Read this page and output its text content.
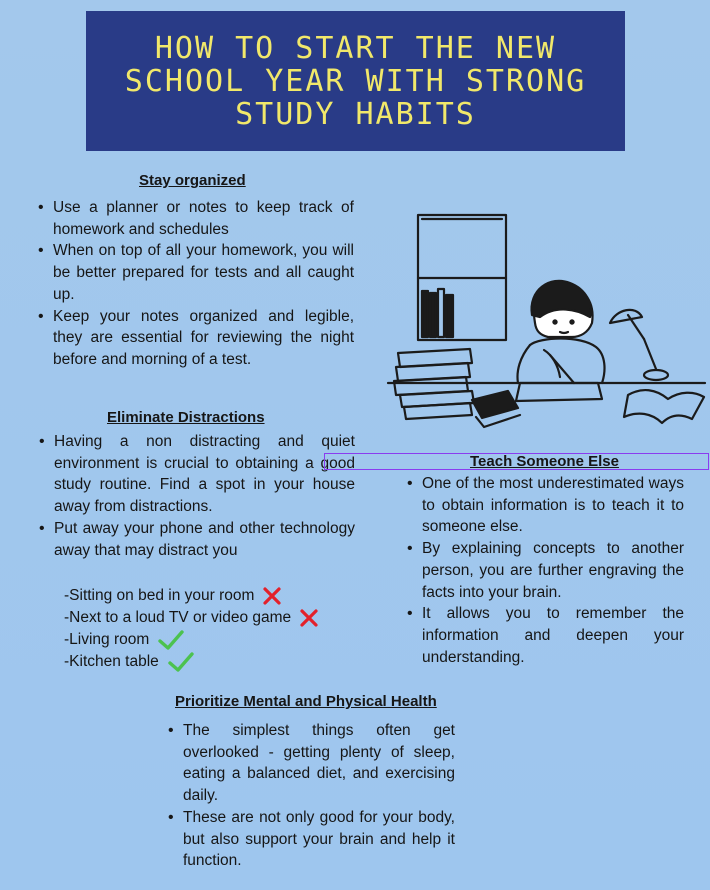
HOW TO START THE NEW
SCHOOL YEAR WITH STRONG
STUDY HABITS
Stay organized
• Use a planner or notes to keep track of homework and schedules
• When on top of all your homework, you will be better prepared for tests and all caught up.
• Keep your notes organized and legible, they are essential for reviewing the night before and morning of a test.
Eliminate Distractions
• Having a non distracting and quiet environment is crucial to obtaining a good study routine. Find a spot in your house away from distractions.
• Put away your phone and other technology away that may distract you
-Sitting on bed in your room
-Next to a loud TV or video game
-Living room
-Kitchen table
Teach Someone Else
• One of the most underestimated ways to obtain information is to teach it to someone else.
• By explaining concepts to another person, you are further engraving the facts into your brain.
• It allows you to remember the information and deepen your understanding.
Prioritize Mental and Physical Health
• The simplest things often get overlooked - getting plenty of sleep, eating a balanced diet, and exercising daily.
• These are not only good for your body, but also support your brain and help it function.
